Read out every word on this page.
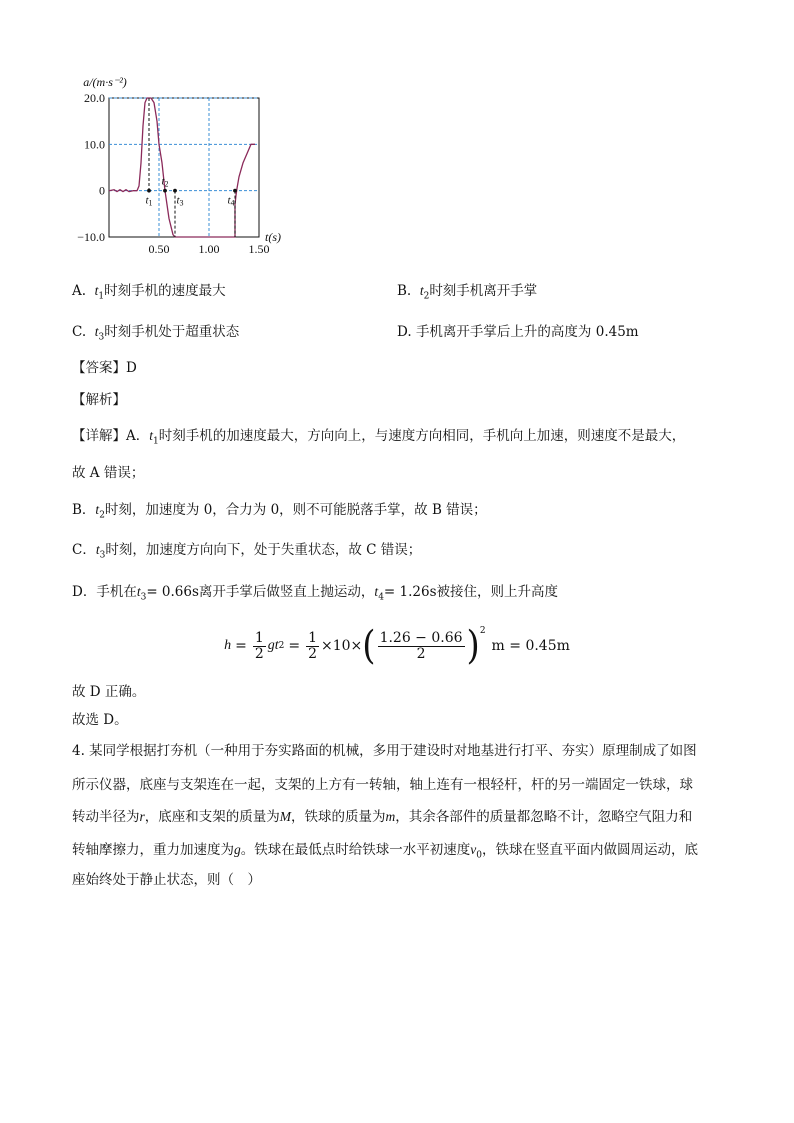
20.0
10.0
0
−10.0
0.50 1.00 1.50
a/(m·s⁻²)
t(s)
t1
t2
t3	t4
A. $t_1$时刻手机的速度最大	B. $t_2$时刻手机离开手掌
C. $t_3$时刻手机处于超重状态	D. 手机离开手掌后上升的高度为 0.45m
【答案】D
【解析】
【详解】A．$t_1$时刻手机的加速度最大，方向向上，与速度方向相同，手机向上加速，则速度不是最大，
故 A 错误；
B．$t_2$时刻，加速度为 0，合力为 0，则不可能脱落手掌，故 B 错误；
C．$t_3$时刻，加速度方向向下，处于失重状态，故 C 错误；
D．手机在$t_3= 0.66s$离开手掌后做竖直上抛运动，$t_4= 1.26s$被接住，则上升高度
$h = \frac{1}{2}$ g t $2 = \frac{1}{2} \times 10\times$ ( $\frac{1.26 - 0.66}{2} )^2$
m = 0.45m
故 D 正确。
故选 D。
4. 某同学根据打夯机（一种用于夯实路面的机械，多用于建设时对地基进行打平、夯实）原理制成了如图
所示仪器，底座与支架连在一起，支架的上方有一转轴，轴上连有一根轻杆，杆的另一端固定一铁球，球
转动半径为r，底座和支架的质量为M，铁球的质量为m，其余各部件的质量都忽略不计，忽略空气阻力和
转轴摩擦力，重力加速度为g。铁球在最低点时给铁球一水平初速度$v_0$，铁球在竖直平面内做圆周运动，底
座始终处于静止状态，则（　）
